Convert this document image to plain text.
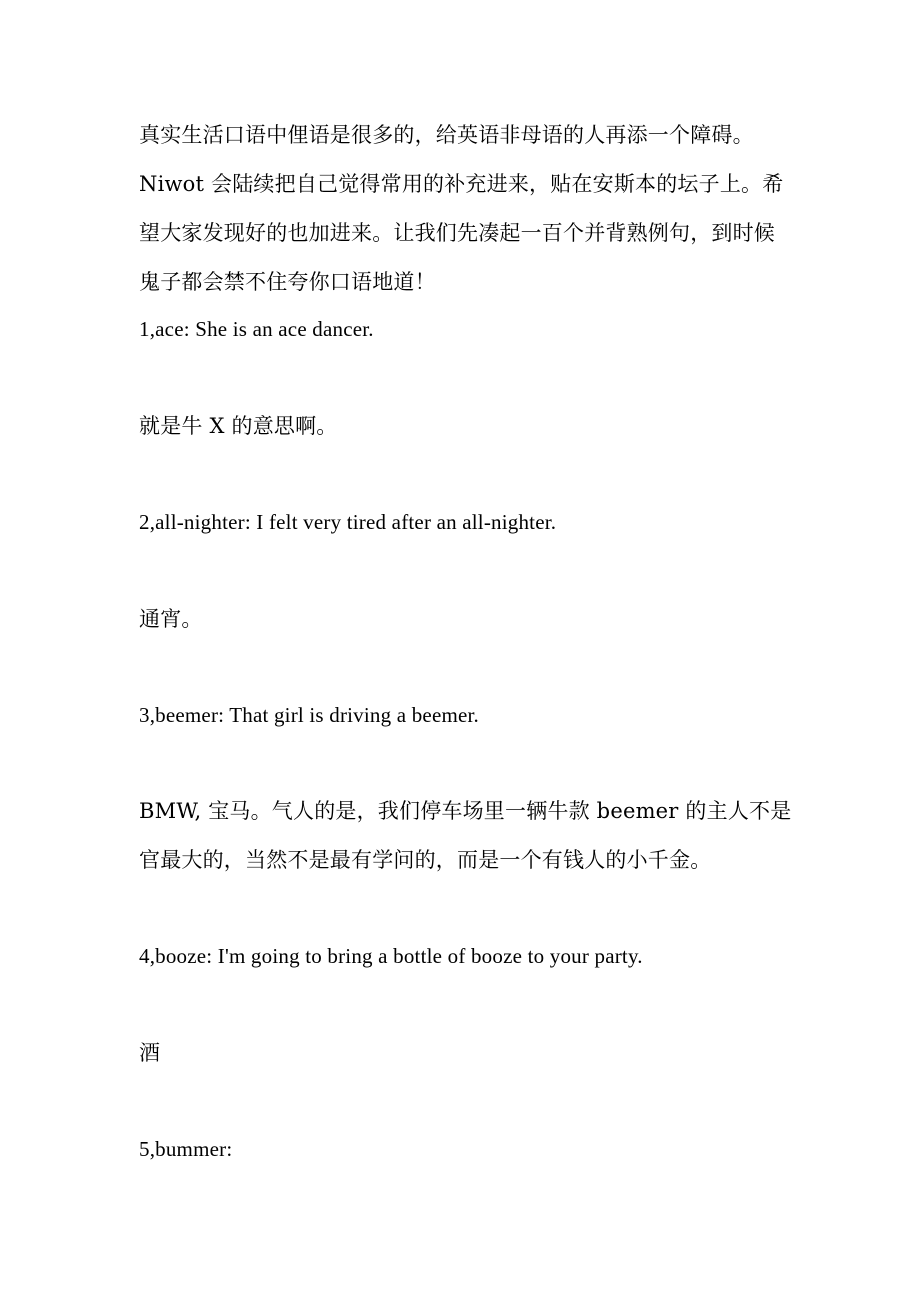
真实生活口语中俚语是很多的，给英语非母语的人再添一个障碍。
Niwot 会陆续把自己觉得常用的补充进来，贴在安斯本的坛子上。希
望大家发现好的也加进来。让我们先凑起一百个并背熟例句，到时候
鬼子都会禁不住夸你口语地道！
1,ace: She is an ace dancer.
就是牛 X 的意思啊。
2,all-nighter: I felt very tired after an all-nighter.
通宵。
3,beemer: That girl is driving a beemer.
BMW, 宝马。气人的是，我们停车场里一辆牛款 beemer 的主人不是
官最大的，当然不是最有学问的，而是一个有钱人的小千金。
4,booze: I'm going to bring a bottle of booze to your party.
酒
5,bummer:
